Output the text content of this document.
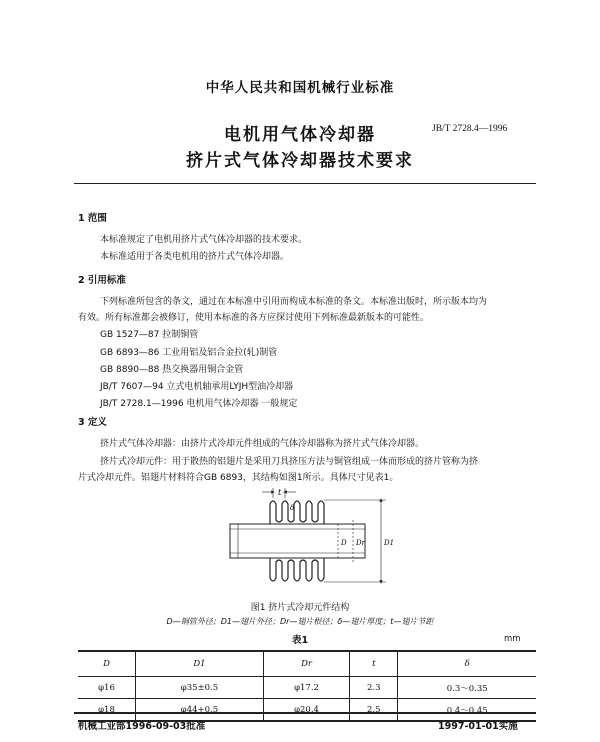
中华人民共和国机械行业标准
电机用气体冷却器
挤片式气体冷却器技术要求
JB/T 2728.4—1996
1 范围
本标准规定了电机用挤片式气体冷却器的技术要求。
本标准适用于各类电机用的挤片式气体冷却器。
2 引用标准
下列标准所包含的条文，通过在本标准中引用而构成本标准的条文。本标准出版时，所示版本均为
有效。所有标准都会被修订，使用本标准的各方应探讨使用下列标准最新版本的可能性。
GB 1527—87 拉制铜管
GB 6893—86 工业用铝及铝合金拉(轧)制管
GB 8890—88 热交换器用铜合金管
JB/T 7607—94 立式电机轴承用LYJH型油冷却器
JB/T 2728.1—1996 电机用气体冷却器 一般规定
3 定义
挤片式气体冷却器：由挤片式冷却元件组成的气体冷却器称为挤片式气体冷却器。
挤片式冷却元件：用于散热的铝翅片是采用刀具挤压方法与铜管组成一体而形成的挤片管称为挤
片式冷却元件。铝翅片材料符合GB 6893，其结构如图1所示。具体尺寸见表1。
t
δ
D Dr	D1
图1 挤片式冷却元件结构
D—铜管外径；D1—翅片外径；Dr—翅片根径；δ—翅片厚度；t—翅片节距
表1	mm
D	D1	Dr	t	δ
φ16	φ35±0.5	φ17.2	2.3	0.3～0.35
φ18	φ44+0.5	φ20.4	2.5	0.4～0.45
机械工业部1996-09-03批准	1997-01-01实施
